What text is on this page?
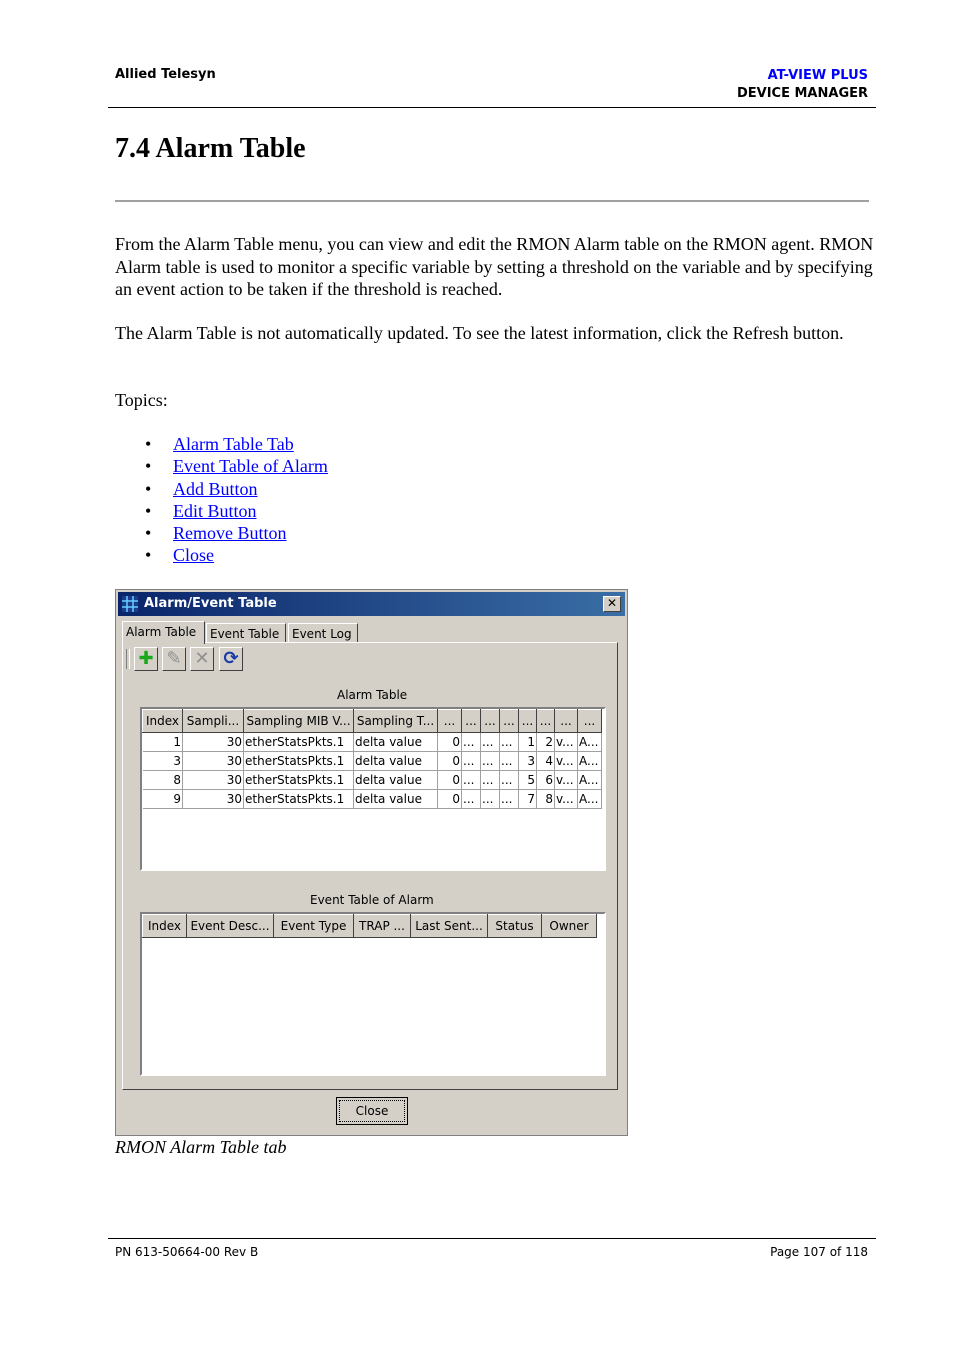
Allied Telesyn	AT-VIEW PLUS
DEVICE MANAGER
7.4 Alarm Table

From the Alarm Table menu, you can view and edit the RMON Alarm table on the RMON agent. RMON Alarm table is used to monitor a specific variable by setting a threshold on the variable and by specifying an event action to be taken if the threshold is reached.

The Alarm Table is not automatically updated. To see the latest information, click the Refresh button.

Topics:

• Alarm Table Tab
• Event Table of Alarm
• Add Button
• Edit Button
• Remove Button
• Close
Alarm/Event Table	✕
Alarm Table	Event Table	Event Log
✚ ✎ ✕ ⟳
Alarm Table
Index	Sampli...	Sampling MIB V...	Sampling T...	...	...	...	...	...	...	...	...
1	30	etherStatsPkts.1	delta value	0	...	...	...	1	2	v...	A...
3	30	etherStatsPkts.1	delta value	0	...	...	...	3	4	v...	A...
8	30	etherStatsPkts.1	delta value	0	...	...	...	5	6	v...	A...
9	30	etherStatsPkts.1	delta value	0	...	...	...	7	8	v...	A...
Event Table of Alarm
Index	Event Desc...	Event Type	TRAP ...	Last Sent...	Status	Owner
Close
RMON Alarm Table tab
PN 613-50664-00 Rev B	Page 107 of 118
